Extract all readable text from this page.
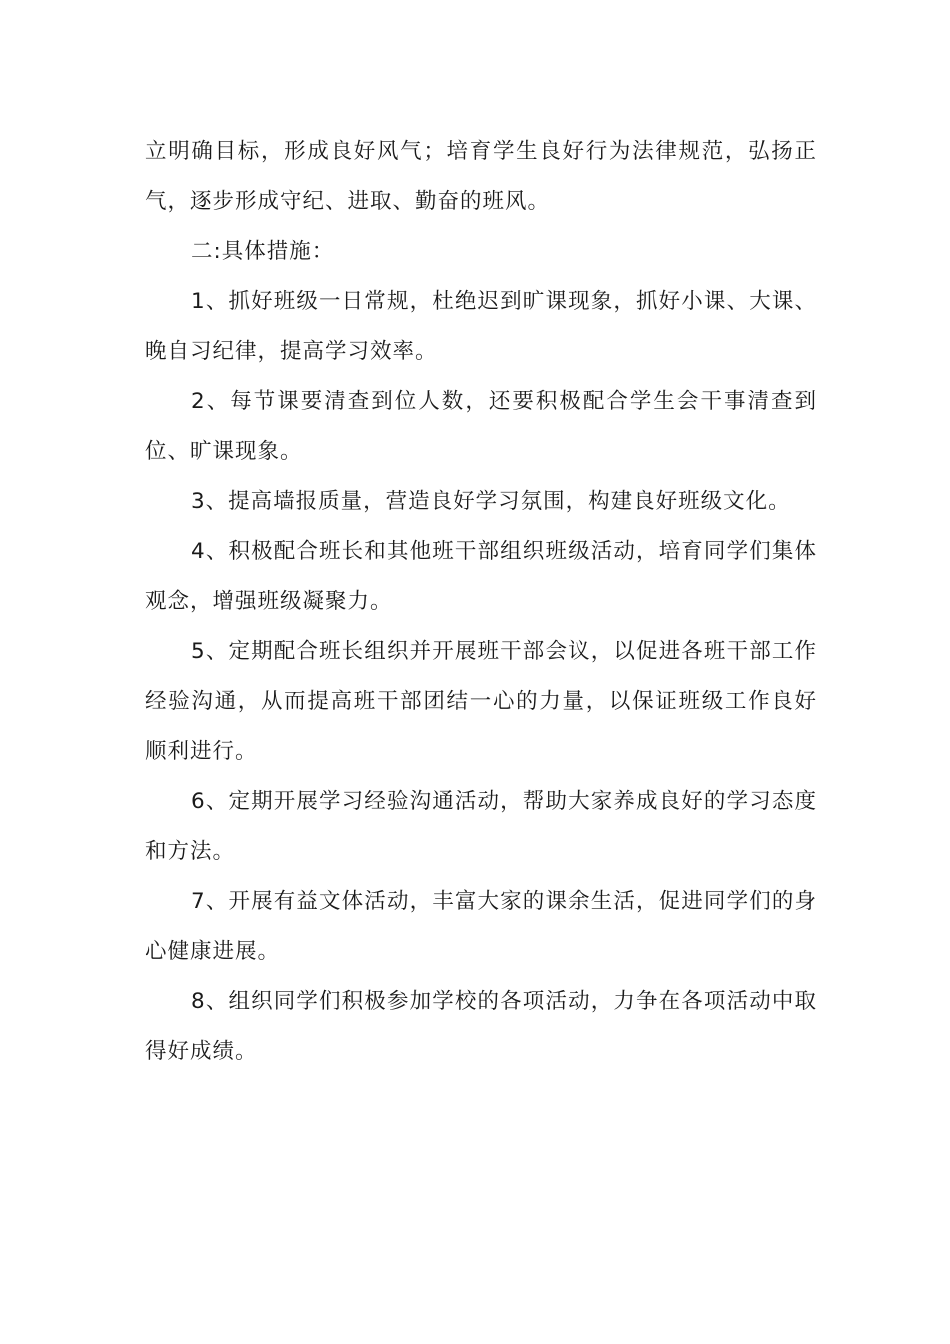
立明确目标，形成良好风气；培育学生良好行为法律规范，弘扬正气，逐步形成守纪、进取、勤奋的班风。

二:具体措施：

1、抓好班级一日常规，杜绝迟到旷课现象，抓好小课、大课、晚自习纪律，提高学习效率。

2、每节课要清查到位人数，还要积极配合学生会干事清查到位、旷课现象。

3、提高墙报质量，营造良好学习氛围，构建良好班级文化。

4、积极配合班长和其他班干部组织班级活动，培育同学们集体观念，增强班级凝聚力。

5、定期配合班长组织并开展班干部会议，以促进各班干部工作经验沟通，从而提高班干部团结一心的力量，以保证班级工作良好顺利进行。

6、定期开展学习经验沟通活动，帮助大家养成良好的学习态度和方法。

7、开展有益文体活动，丰富大家的课余生活，促进同学们的身心健康进展。

8、组织同学们积极参加学校的各项活动，力争在各项活动中取得好成绩。
